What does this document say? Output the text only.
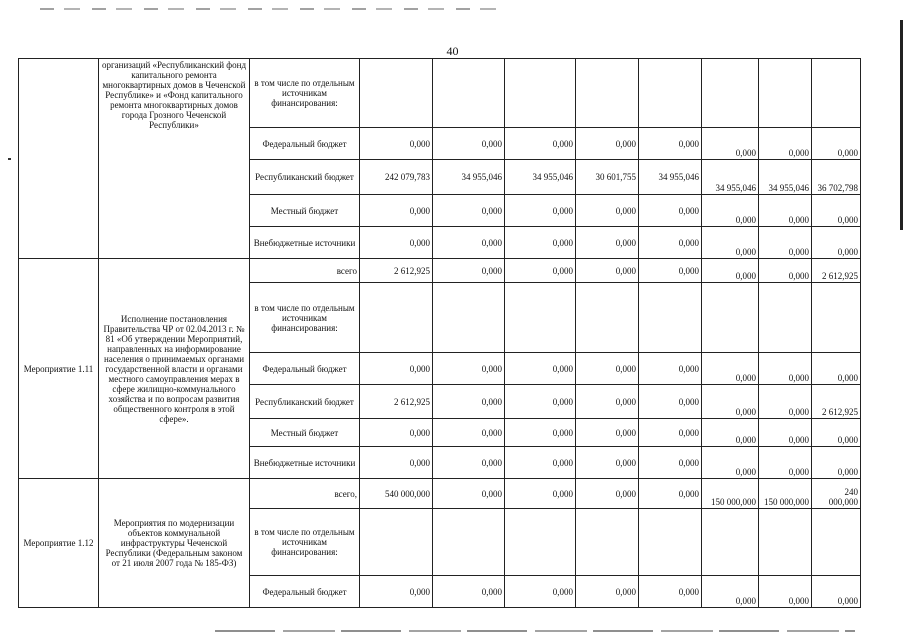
40
	организаций «Республиканский фонд капитального ремонта многоквартирных домов в Чеченской Республике» и «Фонд капитального ремонта многоквартирных домов города Грозного Чеченской Республики»	в том числе по отдельным источникам финансирования:								
		Федеральный бюджет	0,000	0,000	0,000	0,000	0,000	0,000	0,000	0,000
		Республиканский бюджет	242 079,783	34 955,046	34 955,046	30 601,755	34 955,046	34 955,046	34 955,046	36 702,798
		Местный бюджет	0,000	0,000	0,000	0,000	0,000	0,000	0,000	0,000
		Внебюджетные источники	0,000	0,000	0,000	0,000	0,000	0,000	0,000	0,000
Мероприятие 1.11	Исполнение постановления Правительства ЧР от 02.04.2013 г. № 81 «Об утверждении Мероприятий, направленных на информирование населения о принимаемых органами государственной власти и органами местного самоуправления мерах в сфере жилищно-коммунального хозяйства и по вопросам развития общественного контроля в этой сфере».	всего	2 612,925	0,000	0,000	0,000	0,000	0,000	0,000	2 612,925
		в том числе по отдельным источникам финансирования:								
		Федеральный бюджет	0,000	0,000	0,000	0,000	0,000	0,000	0,000	0,000
		Республиканский бюджет	2 612,925	0,000	0,000	0,000	0,000	0,000	0,000	2 612,925
		Местный бюджет	0,000	0,000	0,000	0,000	0,000	0,000	0,000	0,000
		Внебюджетные источники	0,000	0,000	0,000	0,000	0,000	0,000	0,000	0,000
Мероприятие 1.12	Мероприятия по модернизации объектов коммунальной инфраструктуры Чеченской Республики (Федеральным законом от 21 июля 2007 года № 185-ФЗ)	всего,	540 000,000	0,000	0,000	0,000	0,000	150 000,000	150 000,000	240 000,000
		в том числе по отдельным источникам финансирования:								
		Федеральный бюджет	0,000	0,000	0,000	0,000	0,000	0,000	0,000	0,000
